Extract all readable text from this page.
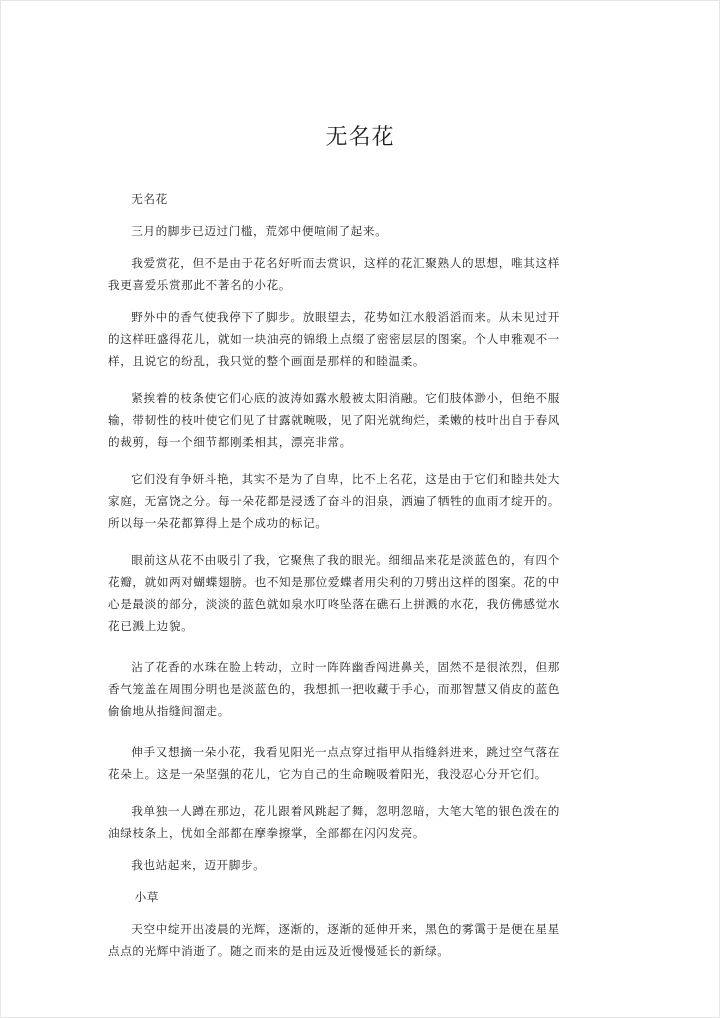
无名花

无名花

三月的脚步已迈过门槛，荒郊中便喧闹了起来。

我爱赏花，但不是由于花名好听而去赏识，这样的花汇聚熟人的思想，唯其这样我更喜爱乐赏那此不著名的小花。

野外中的香气使我停下了脚步。放眼望去，花势如江水般滔滔而来。从未见过开的这样旺盛得花儿，就如一块油亮的锦缎上点缀了密密层层的图案。个人申雅观不一样，且说它的纷乱，我只觉的整个画面是那样的和睦温柔。

紧挨着的枝条使它们心底的波涛如露水般被太阳消融。它们肢体渺小，但绝不服输，带韧性的枝叶使它们见了甘露就畹吸，见了阳光就绚烂，柔嫩的枝叶出自于春风的裁剪，每一个细节都刚柔相其，漂亮非常。

它们没有争妍斗艳，其实不是为了自卑，比不上名花，这是由于它们和睦共处大家庭，无富饶之分。每一朵花都是浸透了奋斗的泪泉，洒遍了牺牲的血雨才绽开的。所以每一朵花都算得上是个成功的标记。

眼前这从花不由吸引了我，它聚焦了我的眼光。细细品来花是淡蓝色的，有四个花瓣，就如两对蝴蝶翅膀。也不知是那位爱蝶者用尖利的刀劈出这样的图案。花的中心是最淡的部分，淡淡的蓝色就如泉水叮咚坠落在礁石上拼溅的水花，我仿佛感觉水花已溅上边貌。

沾了花香的水珠在脸上转动，立时一阵阵幽香闯进鼻关，固然不是很浓烈，但那香气笼盖在周围分明也是淡蓝色的，我想抓一把收藏于手心，而那智慧又俏皮的蓝色偷偷地从指缝间溜走。

伸手又想摘一朵小花，我看见阳光一点点穿过指甲从指缝斜进来，跳过空气落在花朵上。这是一朵坚强的花儿，它为自己的生命畹吸着阳光，我没忍心分开它们。

我单独一人蹲在那边，花儿跟着风跳起了舞，忽明忽暗，大笔大笔的银色泼在的油绿枝条上，忧如全部都在摩拳擦掌，全部都在闪闪发亮。

我也站起来，迈开脚步。

小草

天空中绽开出凌晨的光辉，逐渐的，逐渐的延伸开来，黑色的雾霭于是便在星星点点的光辉中消逝了。随之而来的是由远及近慢慢延长的新绿。
